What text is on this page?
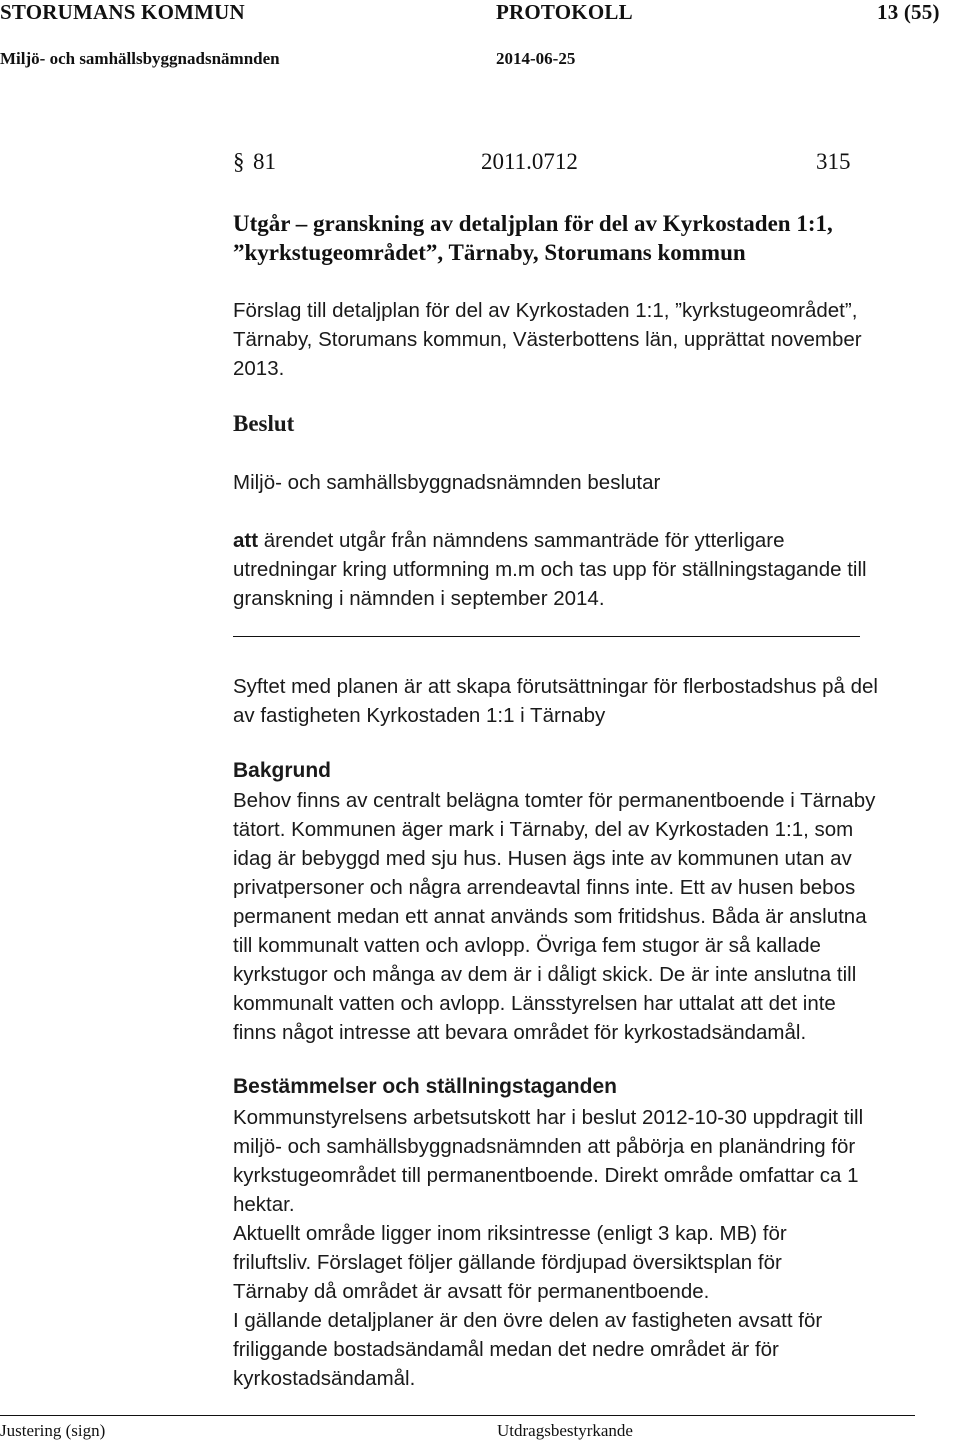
STORUMANS KOMMUN	PROTOKOLL	13 (55)
Miljö- och samhällsbyggnadsnämnden	2014-06-25
§ 81	2011.0712	315
Utgår – granskning av detaljplan för del av Kyrkostaden 1:1,
”kyrkstugeområdet”, Tärnaby, Storumans kommun
Förslag till detaljplan för del av Kyrkostaden 1:1, ”kyrkstugeområdet”,
Tärnaby, Storumans kommun, Västerbottens län, upprättat november
2013.
Beslut
Miljö- och samhällsbyggnadsnämnden beslutar
att ärendet utgår från nämndens sammanträde för ytterligare
utredningar kring utformning m.m och tas upp för ställningstagande till
granskning i nämnden i september 2014.
Syftet med planen är att skapa förutsättningar för flerbostadshus på del
av fastigheten Kyrkostaden 1:1 i Tärnaby
Bakgrund
Behov finns av centralt belägna tomter för permanentboende i Tärnaby
tätort. Kommunen äger mark i Tärnaby, del av Kyrkostaden 1:1, som
idag är bebyggd med sju hus. Husen ägs inte av kommunen utan av
privatpersoner och några arrendeavtal finns inte. Ett av husen bebos
permanent medan ett annat används som fritidshus. Båda är anslutna
till kommunalt vatten och avlopp. Övriga fem stugor är så kallade
kyrkstugor och många av dem är i dåligt skick. De är inte anslutna till
kommunalt vatten och avlopp. Länsstyrelsen har uttalat att det inte
finns något intresse att bevara området för kyrkostadsändamål.
Bestämmelser och ställningstaganden
Kommunstyrelsens arbetsutskott har i beslut 2012-10-30 uppdragit till
miljö- och samhällsbyggnadsnämnden att påbörja en planändring för
kyrkstugeområdet till permanentboende. Direkt område omfattar ca 1
hektar.
Aktuellt område ligger inom riksintresse (enligt 3 kap. MB) för
friluftsliv. Förslaget följer gällande fördjupad översiktsplan för
Tärnaby då området är avsatt för permanentboende.
I gällande detaljplaner är den övre delen av fastigheten avsatt för
friliggande bostadsändamål medan det nedre området är för
kyrkostadsändamål.
Justering (sign)	Utdragsbestyrkande
